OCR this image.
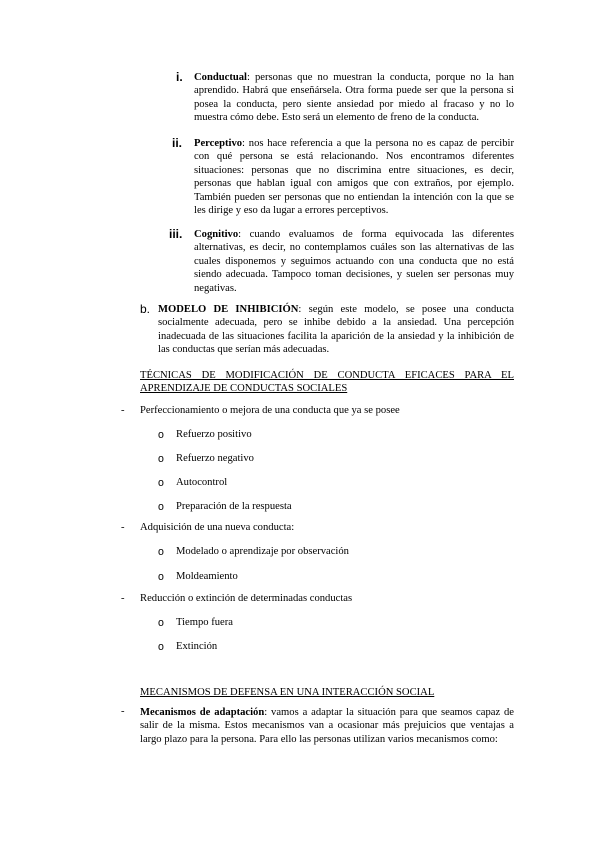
i. Conductual: personas que no muestran la conducta, porque no la han aprendido. Habrá que enseñársela. Otra forma puede ser que la persona si posea la conducta, pero siente ansiedad por miedo al fracaso y no lo muestra cómo debe. Esto será un elemento de freno de la conducta.

ii. Perceptivo: nos hace referencia a que la persona no es capaz de percibir con qué persona se está relacionando. Nos encontramos diferentes situaciones: personas que no discrimina entre situaciones, es decir, personas que hablan igual con amigos que con extraños, por ejemplo. También pueden ser personas que no entiendan la intención con la que se les dirige y eso da lugar a errores perceptivos.

iii. Cognitivo: cuando evaluamos de forma equivocada las diferentes alternativas, es decir, no contemplamos cuáles son las alternativas de las cuales disponemos y seguimos actuando con una conducta que no está siendo adecuada. Tampoco toman decisiones, y suelen ser personas muy negativas.

b. MODELO DE INHIBICIÓN: según este modelo, se posee una conducta socialmente adecuada, pero se inhibe debido a la ansiedad. Una percepción inadecuada de las situaciones facilita la aparición de la ansiedad y la inhibición de las conductas que serían más adecuadas.

TÉCNICAS DE MODIFICACIÓN DE CONDUCTA EFICACES PARA EL APRENDIZAJE DE CONDUCTAS SOCIALES

- Perfeccionamiento o mejora de una conducta que ya se posee

o Refuerzo positivo

o Refuerzo negativo

o Autocontrol

o Preparación de la respuesta

- Adquisición de una nueva conducta:

o Modelado o aprendizaje por observación

o Moldeamiento

- Reducción o extinción de determinadas conductas

o Tiempo fuera

o Extinción

MECANISMOS DE DEFENSA EN UNA INTERACCIÓN SOCIAL

- Mecanismos de adaptación: vamos a adaptar la situación para que seamos capaz de salir de la misma. Estos mecanismos van a ocasionar más prejuicios que ventajas a largo plazo para la persona. Para ello las personas utilizan varios mecanismos como:
